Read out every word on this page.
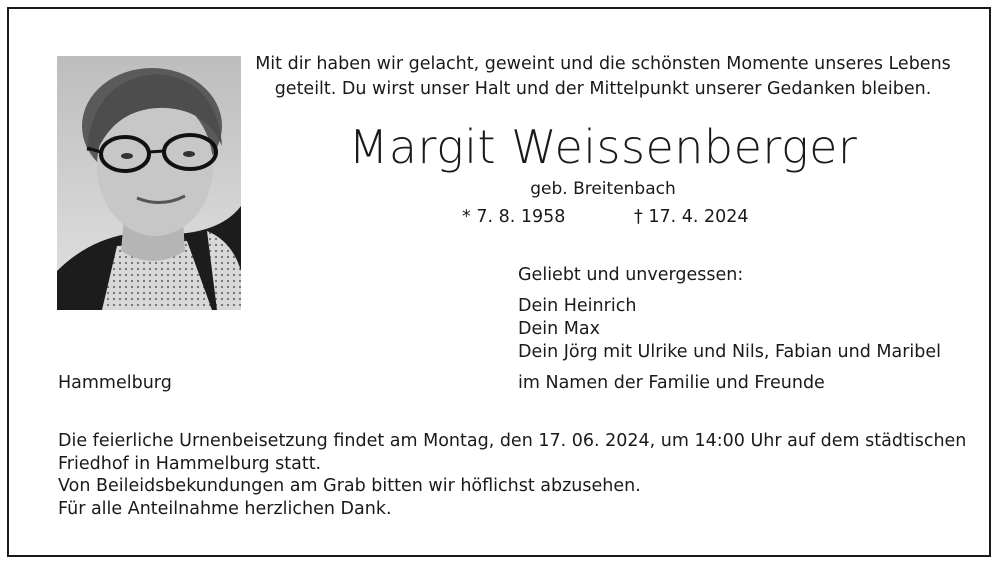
Mit dir haben wir gelacht, geweint und die schönsten Momente unseres Lebens
geteilt. Du wirst unser Halt und der Mittelpunkt unserer Gedanken bleiben.
Margit Weissenberger
geb. Breitenbach
* 7. 8. 1958	† 17. 4. 2024
Geliebt und unvergessen:
Dein Heinrich
Dein Max
Dein Jörg mit Ulrike und Nils, Fabian und Maribel
Hammelburg	im Namen der Familie und Freunde
Die feierliche Urnenbeisetzung findet am Montag, den 17. 06. 2024, um 14:00 Uhr auf dem städtischen
Friedhof in Hammelburg statt.
Von Beileidsbekundungen am Grab bitten wir höflichst abzusehen.
Für alle Anteilnahme herzlichen Dank.
